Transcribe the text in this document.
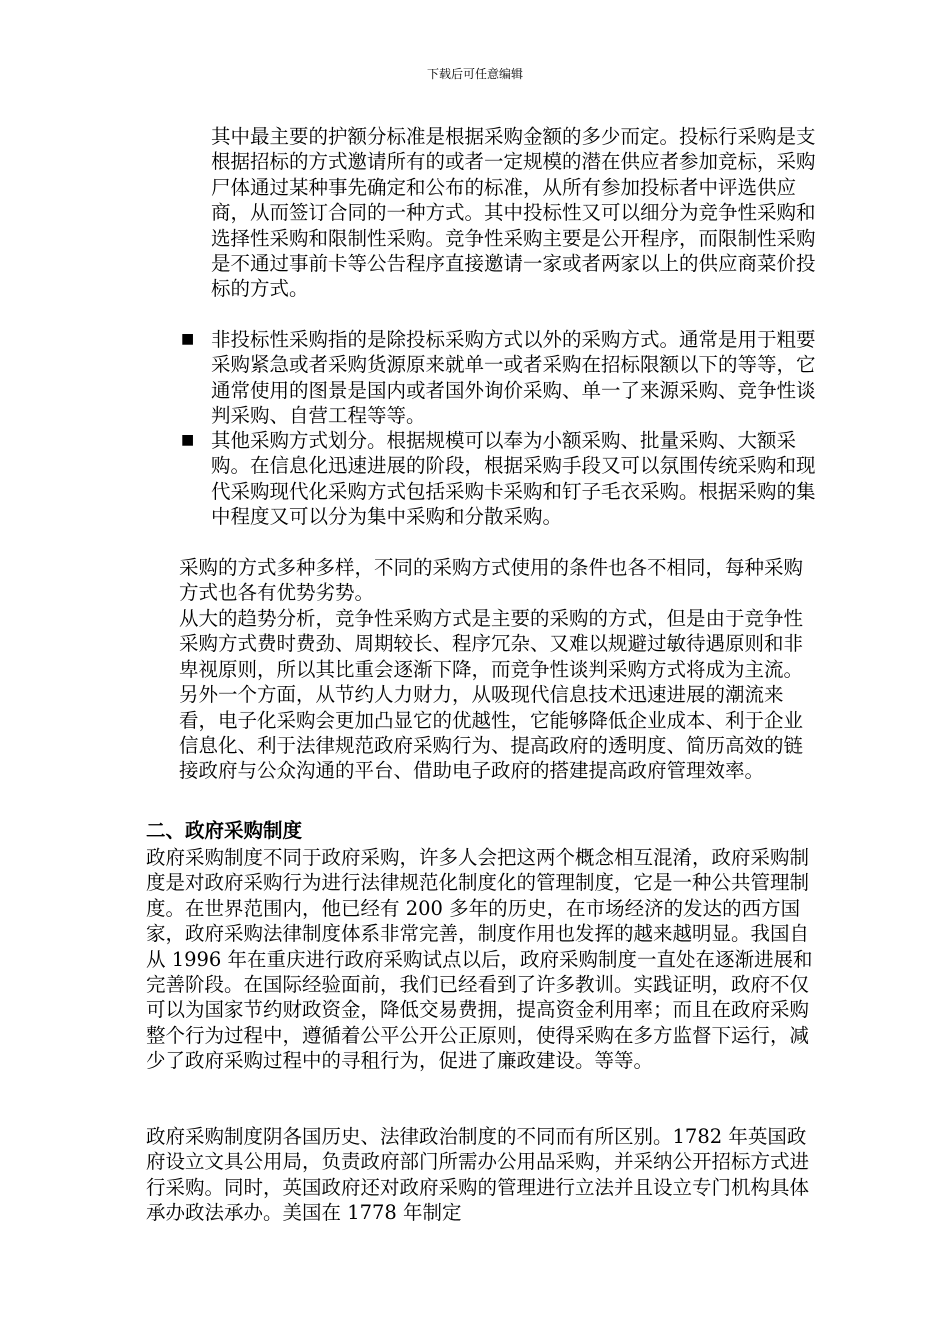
下载后可任意编辑

其中最主要的护额分标准是根据采购金额的多少而定。投标行采购是支根据招标的方式邀请所有的或者一定规模的潜在供应者参加竞标，采购尸体通过某种事先确定和公布的标准，从所有参加投标者中评选供应商，从而签订合同的一种方式。其中投标性又可以细分为竞争性采购和选择性采购和限制性采购。竞争性采购主要是公开程序，而限制性采购是不通过事前卡等公告程序直接邀请一家或者两家以上的供应商菜价投标的方式。

■ 非投标性采购指的是除投标采购方式以外的采购方式。通常是用于粗要采购紧急或者采购货源原来就单一或者采购在招标限额以下的等等，它通常使用的图景是国内或者国外询价采购、单一了来源采购、竞争性谈判采购、自营工程等等。

■ 其他采购方式划分。根据规模可以奉为小额采购、批量采购、大额采购。在信息化迅速进展的阶段，根据采购手段又可以氛围传统采购和现代采购现代化采购方式包括采购卡采购和钉子毛衣采购。根据采购的集中程度又可以分为集中采购和分散采购。

采购的方式多种多样，不同的采购方式使用的条件也各不相同，每种采购方式也各有优势劣势。

从大的趋势分析，竞争性采购方式是主要的采购的方式，但是由于竞争性采购方式费时费劲、周期较长、程序冗杂、又难以规避过敏待遇原则和非卑视原则，所以其比重会逐渐下降，而竞争性谈判采购方式将成为主流。另外一个方面，从节约人力财力，从吸现代信息技术迅速进展的潮流来看，电子化采购会更加凸显它的优越性，它能够降低企业成本、利于企业信息化、利于法律规范政府采购行为、提高政府的透明度、简历高效的链接政府与公众沟通的平台、借助电子政府的搭建提高政府管理效率。

二、政府采购制度

政府采购制度不同于政府采购，许多人会把这两个概念相互混淆，政府采购制度是对政府采购行为进行法律规范化制度化的管理制度，它是一种公共管理制度。在世界范围内，他已经有 200 多年的历史，在市场经济的发达的西方国家，政府采购法律制度体系非常完善，制度作用也发挥的越来越明显。我国自从 1996 年在重庆进行政府采购试点以后，政府采购制度一直处在逐渐进展和完善阶段。在国际经验面前，我们已经看到了许多教训。实践证明，政府不仅可以为国家节约财政资金，降低交易费拥，提高资金利用率；而且在政府采购整个行为过程中，遵循着公平公开公正原则，使得采购在多方监督下运行，减少了政府采购过程中的寻租行为，促进了廉政建设。等等。

政府采购制度阴各国历史、法律政治制度的不同而有所区别。1782 年英国政府设立文具公用局，负责政府部门所需办公用品采购，并采纳公开招标方式进行采购。同时，英国政府还对政府采购的管理进行立法并且设立专门机构具体承办政法承办。美国在 1778 年制定
